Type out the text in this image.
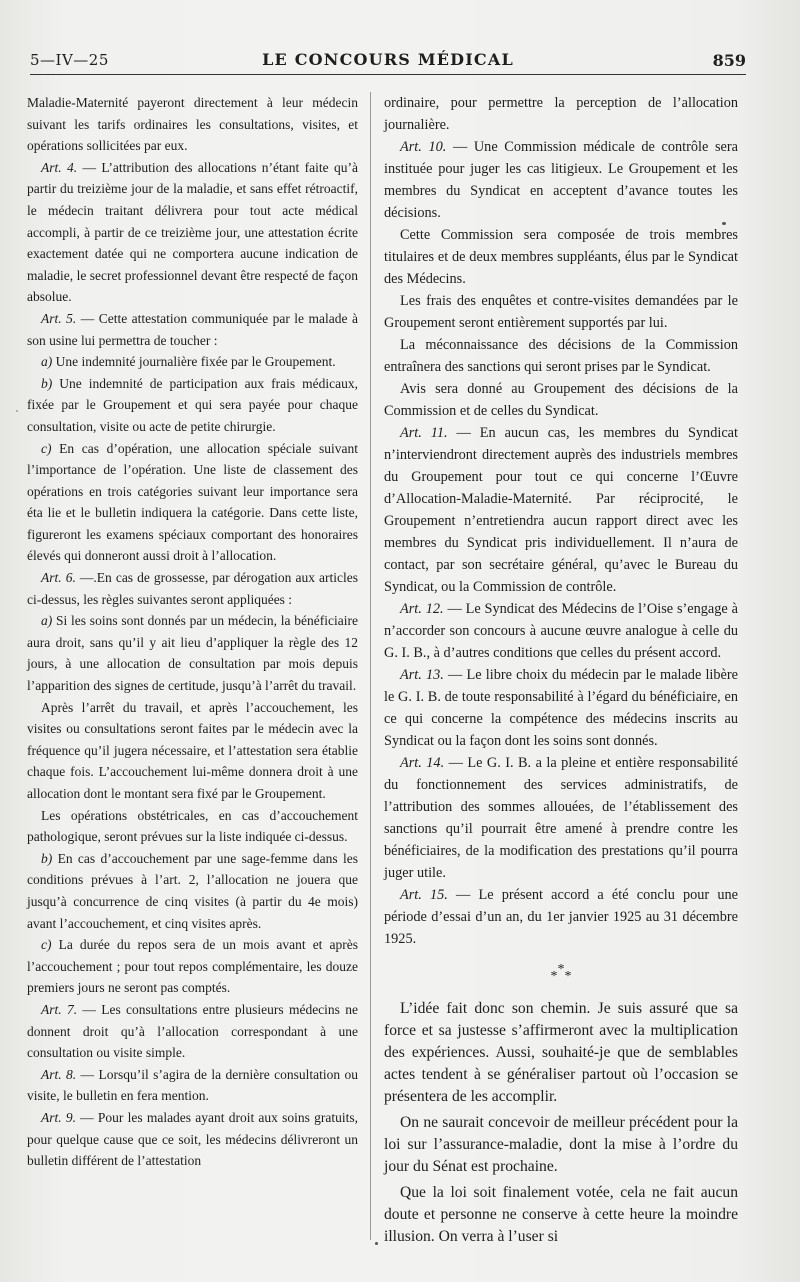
5—IV—25	LE CONCOURS MÉDICAL	859

Maladie-Maternité payeront directement à leur médecin suivant les tarifs ordinaires les consultations, visites, et opérations sollicitées par eux.

Art. 4. — L’attribution des allocations n’étant faite qu’à partir du treizième jour de la maladie, et sans effet rétroactif, le médecin traitant délivrera pour tout acte médical accompli, à partir de ce treizième jour, une attestation écrite exactement datée qui ne comportera aucune indication de maladie, le secret professionnel devant être respecté de façon absolue.

Art. 5. — Cette attestation communiquée par le malade à son usine lui permettra de toucher :

a) Une indemnité journalière fixée par le Groupement.

b) Une indemnité de participation aux frais médicaux, fixée par le Groupement et qui sera payée pour chaque consultation, visite ou acte de petite chirurgie.

c) En cas d’opération, une allocation spéciale suivant l’importance de l’opération. Une liste de classement des opérations en trois catégories suivant leur importance sera éta lie et le bulletin indiquera la catégorie. Dans cette liste, figureront les examens spéciaux comportant des honoraires élevés qui donneront aussi droit à l’allocation.

Art. 6. —.En cas de grossesse, par dérogation aux articles ci-dessus, les règles suivantes seront appliquées :

a) Si les soins sont donnés par un médecin, la bénéficiaire aura droit, sans qu’il y ait lieu d’appliquer la règle des 12 jours, à une allocation de consultation par mois depuis l’apparition des signes de certitude, jusqu’à l’arrêt du travail.

Après l’arrêt du travail, et après l’accouchement, les visites ou consultations seront faites par le médecin avec la fréquence qu’il jugera nécessaire, et l’attestation sera établie chaque fois. L’accouchement lui-même donnera droit à une allocation dont le montant sera fixé par le Groupement.

Les opérations obstétricales, en cas d’accouchement pathologique, seront prévues sur la liste indiquée ci-dessus.

b) En cas d’accouchement par une sage-femme dans les conditions prévues à l’art. 2, l’allocation ne jouera que jusqu’à concurrence de cinq visites (à partir du 4e mois) avant l’accouchement, et cinq visites après.

c) La durée du repos sera de un mois avant et après l’accouchement ; pour tout repos complémentaire, les douze premiers jours ne seront pas comptés.

Art. 7. — Les consultations entre plusieurs médecins ne donnent droit qu’à l’allocation correspondant à une consultation ou visite simple.

Art. 8. — Lorsqu’il s’agira de la dernière consultation ou visite, le bulletin en fera mention.

Art. 9. — Pour les malades ayant droit aux soins gratuits, pour quelque cause que ce soit, les médecins délivreront un bulletin différent de l’attestation

ordinaire, pour permettre la perception de l’allocation journalière.

Art. 10. — Une Commission médicale de contrôle sera instituée pour juger les cas litigieux. Le Groupement et les membres du Syndicat en acceptent d’avance toutes les décisions.

Cette Commission sera composée de trois membres titulaires et de deux membres suppléants, élus par le Syndicat des Médecins.

Les frais des enquêtes et contre-visites demandées par le Groupement seront entièrement supportés par lui.

La méconnaissance des décisions de la Commission entraînera des sanctions qui seront prises par le Syndicat.

Avis sera donné au Groupement des décisions de la Commission et de celles du Syndicat.

Art. 11. — En aucun cas, les membres du Syndicat n’interviendront directement auprès des industriels membres du Groupement pour tout ce qui concerne l’Œuvre d’Allocation-Maladie-Maternité. Par réciprocité, le Groupement n’entretiendra aucun rapport direct avec les membres du Syndicat pris individuellement. Il n’aura de contact, par son secrétaire général, qu’avec le Bureau du Syndicat, ou la Commission de contrôle.

Art. 12. — Le Syndicat des Médecins de l’Oise s’engage à n’accorder son concours à aucune œuvre analogue à celle du G. I. B., à d’autres conditions que celles du présent accord.

Art. 13. — Le libre choix du médecin par le malade libère le G. I. B. de toute responsabilité à l’égard du bénéficiaire, en ce qui concerne la compétence des médecins inscrits au Syndicat ou la façon dont les soins sont donnés.

Art. 14. — Le G. I. B. a la pleine et entière responsabilité du fonctionnement des services administratifs, de l’attribution des sommes allouées, de l’établissement des sanctions qu’il pourrait être amené à prendre contre les bénéficiaires, de la modification des prestations qu’il pourra juger utile.

Art. 15. — Le présent accord a été conclu pour une période d’essai d’un an, du 1er janvier 1925 au 31 décembre 1925.

***

L’idée fait donc son chemin. Je suis assuré que sa force et sa justesse s’affirmeront avec la multiplication des expériences. Aussi, souhaité-je que de semblables actes tendent à se généraliser partout où l’occasion se présentera de les accomplir.

On ne saurait concevoir de meilleur précédent pour la loi sur l’assurance-maladie, dont la mise à l’ordre du jour du Sénat est prochaine.

Que la loi soit finalement votée, cela ne fait aucun doute et personne ne conserve à cette heure la moindre illusion. On verra à l’user si
